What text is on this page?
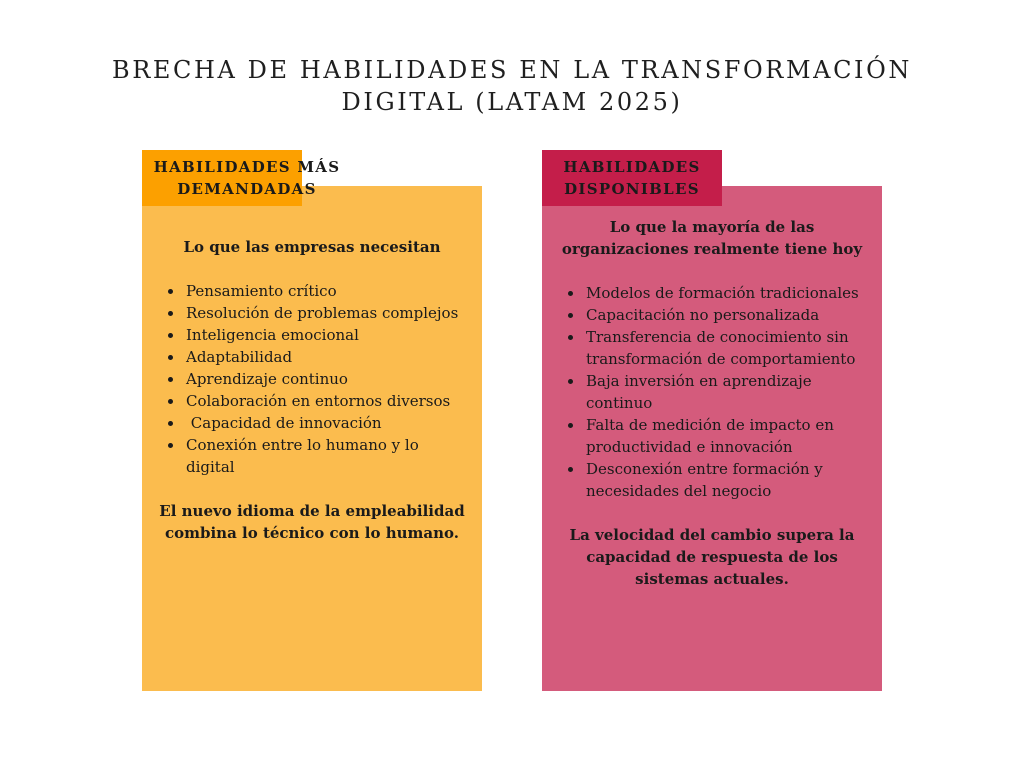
BRECHA DE HABILIDADES EN LA TRANSFORMACIÓN
DIGITAL (LATAM 2025)
HABILIDADES MÁS
DEMANDADAS

Lo que las empresas necesitan

• Pensamiento crítico
• Resolución de problemas complejos
• Inteligencia emocional
• Adaptabilidad
• Aprendizaje continuo
• Colaboración en entornos diversos
•  Capacidad de innovación
• Conexión entre lo humano y lo digital

El nuevo idioma de la empleabilidad combina lo técnico con lo humano.

HABILIDADES
DISPONIBLES

Lo que la mayoría de las organizaciones realmente tiene hoy

• Modelos de formación tradicionales
• Capacitación no personalizada
• Transferencia de conocimiento sin transformación de comportamiento
• Baja inversión en aprendizaje continuo
• Falta de medición de impacto en productividad e innovación
• Desconexión entre formación y necesidades del negocio

La velocidad del cambio supera la capacidad de respuesta de los sistemas actuales.
